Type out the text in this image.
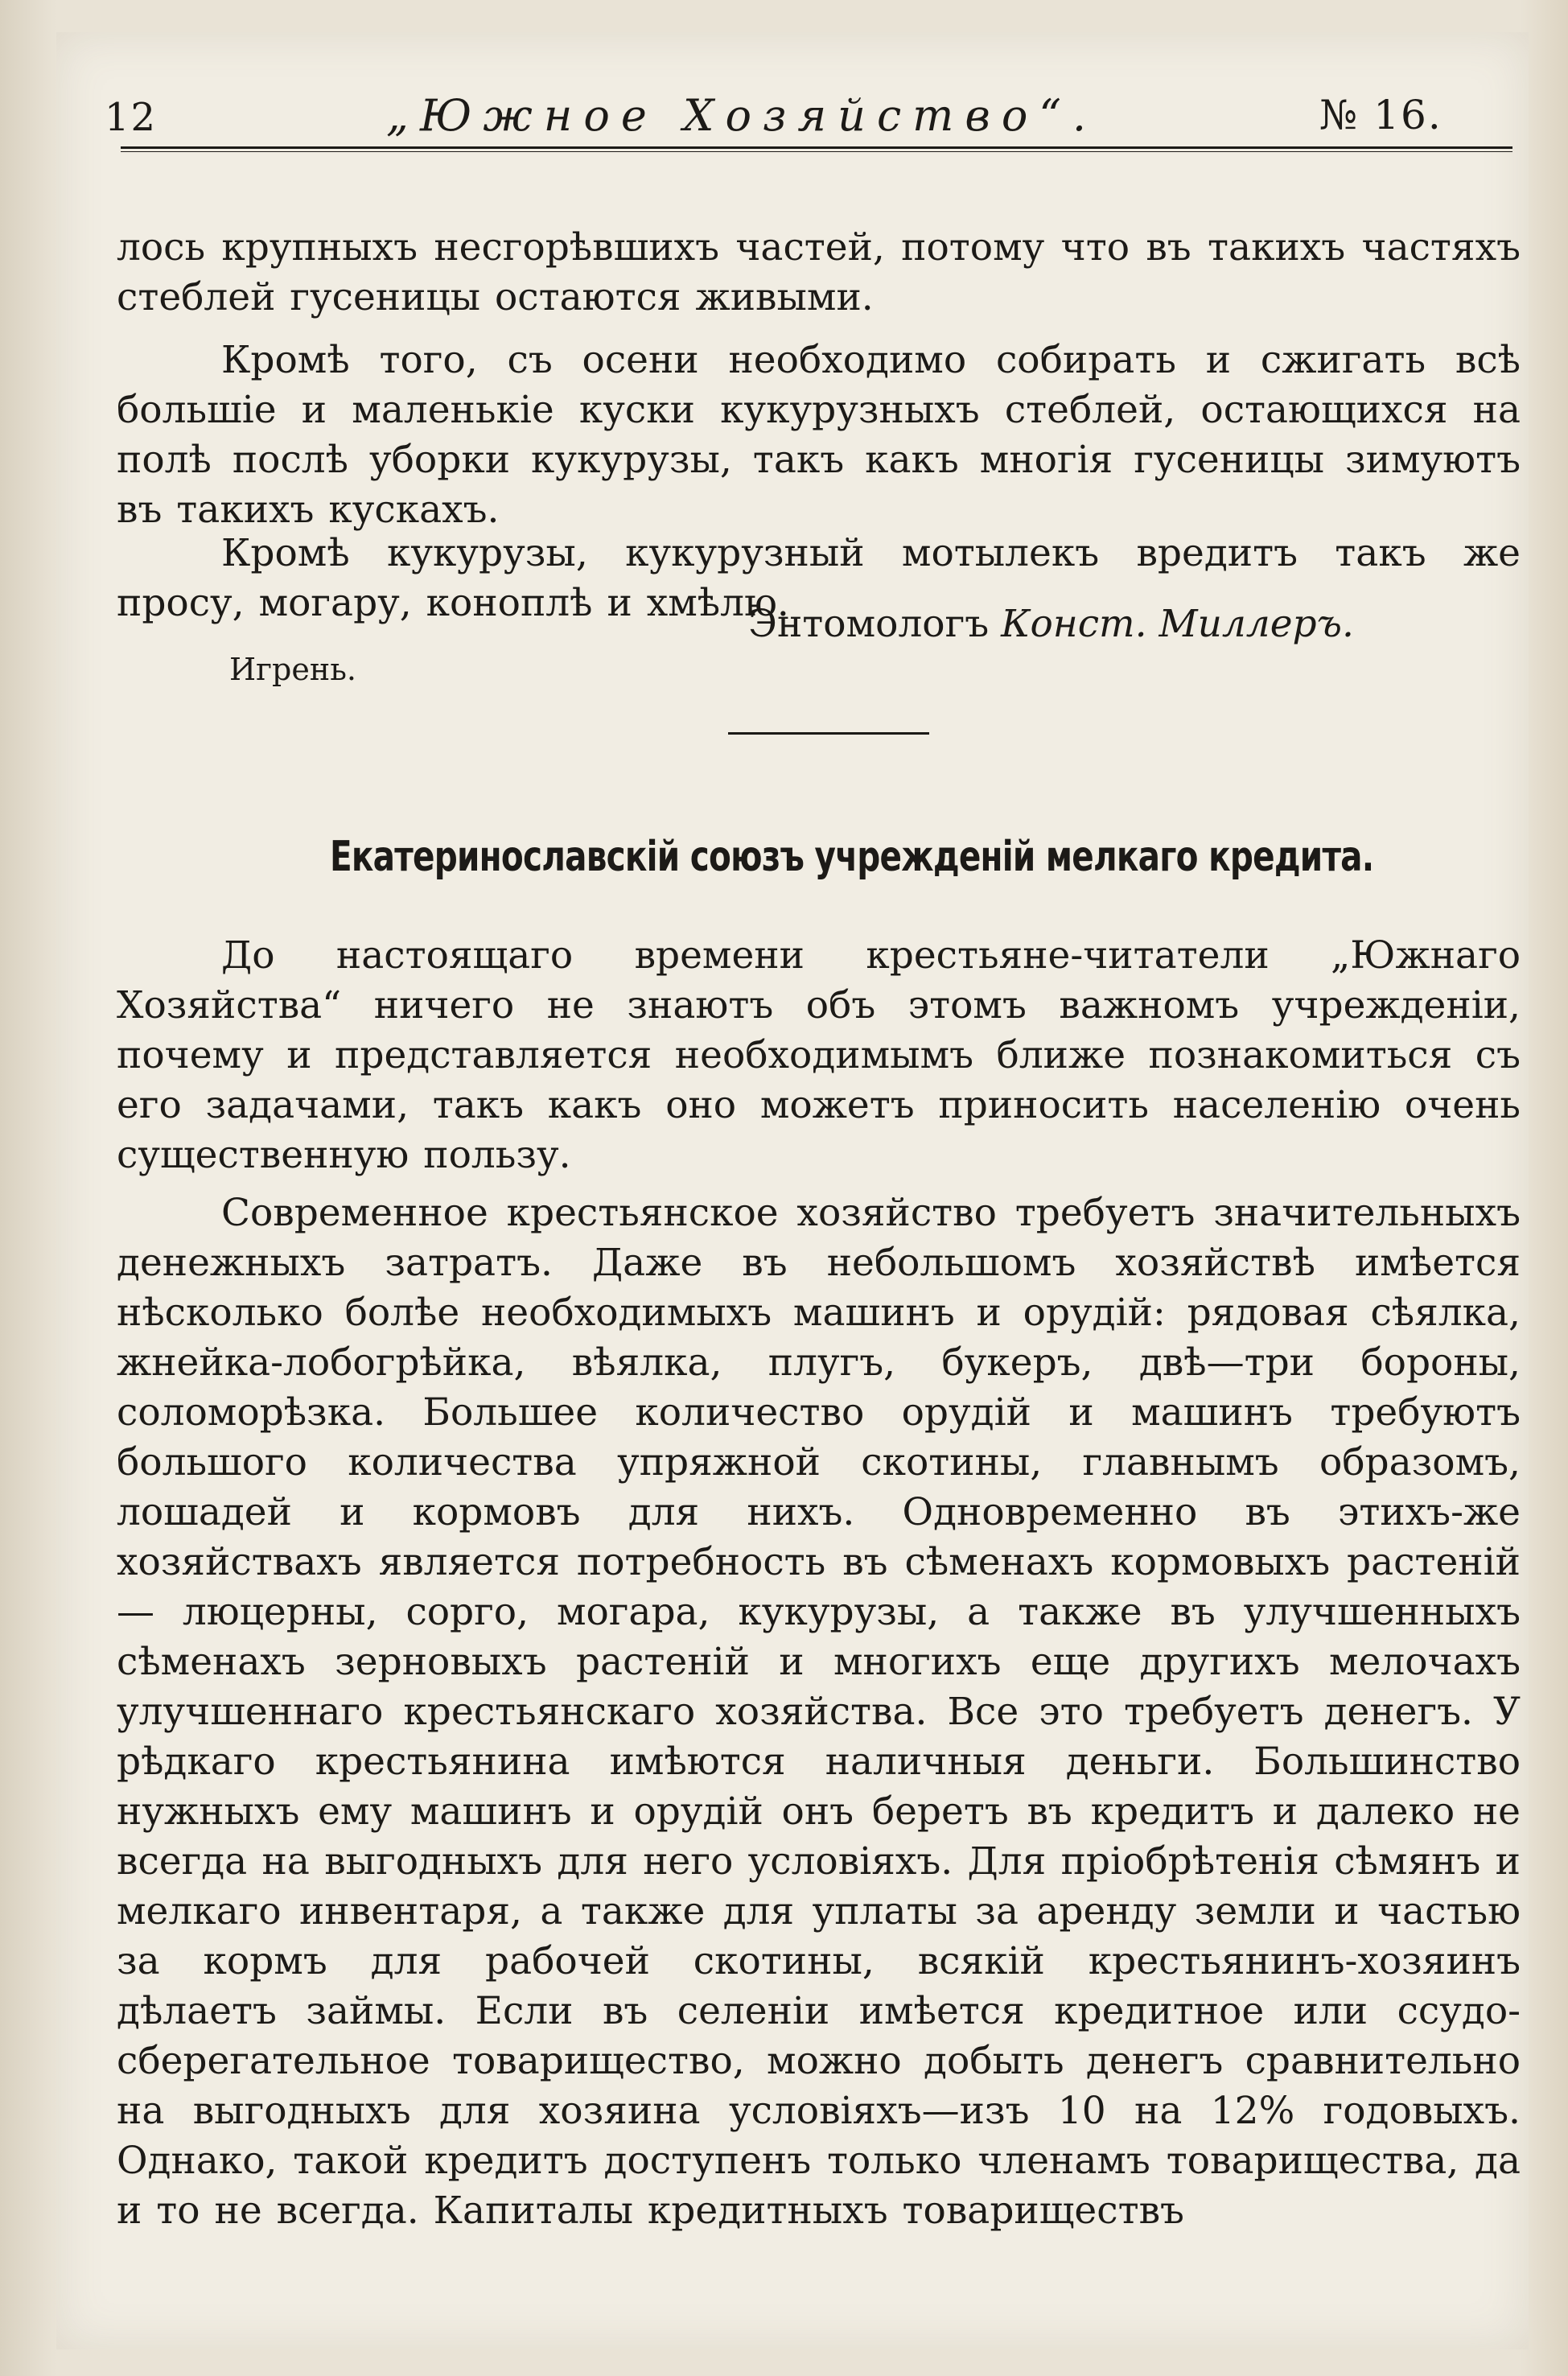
12	„Южное Хозяйство“.	№ 16.

лось крупныхъ несгорѣвшихъ частей, потому что въ такихъ частяхъ стеблей гусеницы остаются живыми.

Кромѣ того, съ осени необходимо собирать и сжигать всѣ большіе и маленькіе куски кукурузныхъ стеблей, остающихся на полѣ послѣ уборки кукурузы, такъ какъ многія гусеницы зимуютъ въ такихъ кускахъ.

Кромѣ кукурузы, кукурузный мотылекъ вредитъ такъ же просу, могару, коноплѣ и хмѣлю.

Энтомологъ Конст. Миллеръ.
Игрень.
Екатеринославскій союзъ учрежденій мелкаго кредита.

До настоящаго времени крестьяне-читатели „Южнаго Хозяйства“ ничего не знаютъ объ этомъ важномъ учрежденіи, почему и представляется необходимымъ ближе познакомиться съ его задачами, такъ какъ оно можетъ приносить населенію очень существенную пользу.

Современное крестьянское хозяйство требуетъ значительныхъ денежныхъ затратъ. Даже въ небольшомъ хозяйствѣ имѣется нѣсколько болѣе необходимыхъ машинъ и орудій: рядовая сѣялка, жнейка-лобогрѣйка, вѣялка, плугъ, букеръ, двѣ—три бороны, соломорѣзка. Большее количество орудій и машинъ требуютъ большого количества упряжной скотины, главнымъ образомъ, лошадей и кормовъ для нихъ. Одновременно въ этихъ-же хозяйствахъ является потребность въ сѣменахъ кормовыхъ растеній — люцерны, сорго, могара, кукурузы, а также въ улучшенныхъ сѣменахъ зерновыхъ растеній и многихъ еще другихъ мелочахъ улучшеннаго крестьянскаго хозяйства. Все это требуетъ денегъ. У рѣдкаго крестьянина имѣются наличныя деньги. Большинство нужныхъ ему машинъ и орудій онъ беретъ въ кредитъ и далеко не всегда на выгодныхъ для него условіяхъ. Для пріобрѣтенія сѣмянъ и мелкаго инвентаря, а также для уплаты за аренду земли и частью за кормъ для рабочей скотины, всякій крестьянинъ-хозяинъ дѣлаетъ займы. Если въ селеніи имѣется кредитное или ссудо-сберегательное товарищество, можно добыть денегъ сравнительно на выгодныхъ для хозяина условіяхъ—изъ 10 на 12% годовыхъ. Однако, такой кредитъ доступенъ только членамъ товарищества, да и то не всегда. Капиталы кредитныхъ товариществъ
